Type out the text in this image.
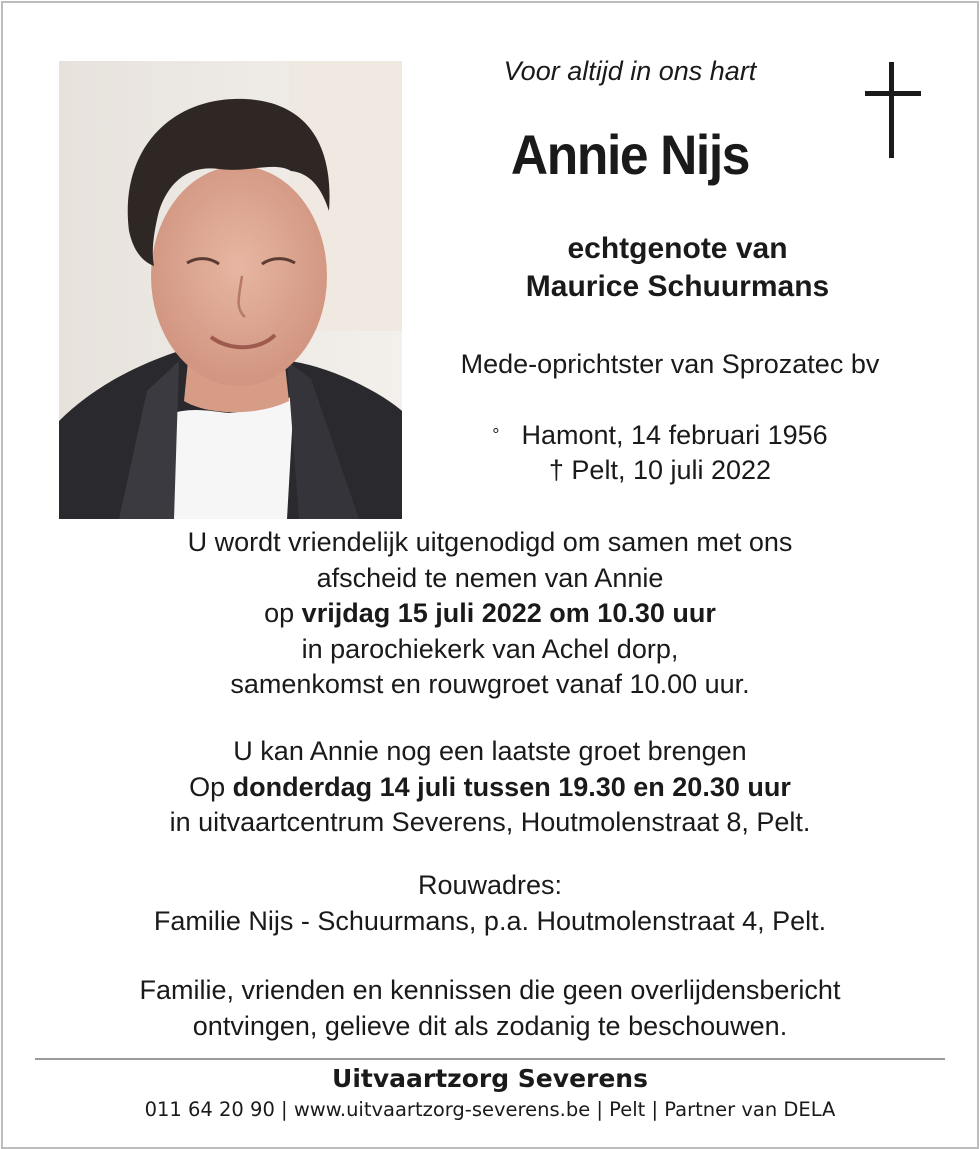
Voor altijd in ons hart
Annie Nijs
echtgenote van
Maurice Schuurmans
Mede-oprichtster van Sprozatec bv
° Hamont, 14 februari 1956
† Pelt, 10 juli 2022
U wordt vriendelijk uitgenodigd om samen met ons
afscheid te nemen van Annie
op vrijdag 15 juli 2022 om 10.30 uur
in parochiekerk van Achel dorp,
samenkomst en rouwgroet vanaf 10.00 uur.
U kan Annie nog een laatste groet brengen
Op donderdag 14 juli tussen 19.30 en 20.30 uur
in uitvaartcentrum Severens, Houtmolenstraat 8, Pelt.
Rouwadres:
Familie Nijs - Schuurmans, p.a. Houtmolenstraat 4, Pelt.
Familie, vrienden en kennissen die geen overlijdensbericht
ontvingen, gelieve dit als zodanig te beschouwen.
Uitvaartzorg Severens
011 64 20 90 | www.uitvaartzorg-severens.be | Pelt | Partner van DELA
